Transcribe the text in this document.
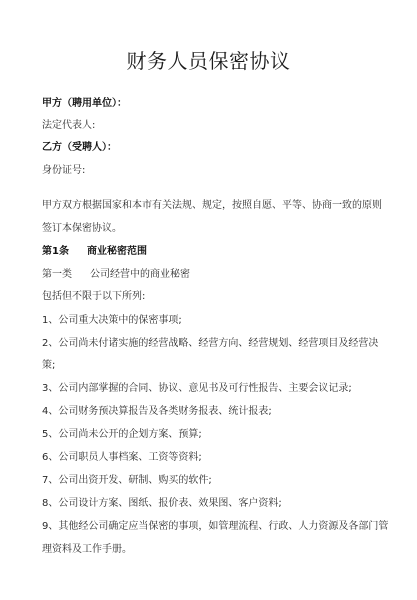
财务人员保密协议
甲方（聘用单位）：
法定代表人:
乙方（受聘人）：
身份证号:
甲方双方根据国家和本市有关法规、规定，按照自愿、平等、协商一致的原则
签订本保密协议。
第1条 商业秘密范围
第一类 公司经营中的商业秘密
包括但不限于以下所列:
1、公司重大决策中的保密事项;
2、公司尚未付诸实施的经营战略、经营方向、经营规划、经营项目及经营决
策;
3、公司内部掌握的合同、协议、意见书及可行性报告、主要会议记录;
4、公司财务预决算报告及各类财务报表、统计报表;
5、公司尚未公开的企划方案、预算;
6、公司职员人事档案、工资等资料;
7、公司出资开发、研制、购买的软件;
8、公司设计方案、图纸、报价表、效果图、客户资料;
9、其他经公司确定应当保密的事项，如管理流程、行政、人力资源及各部门管
理资料及工作手册。
